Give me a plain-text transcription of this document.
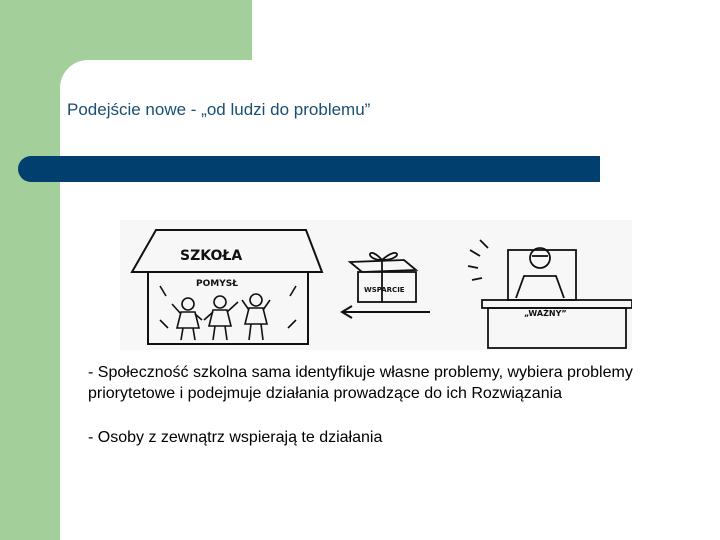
Podejście nowe - „od ludzi do problemu”
SZKOŁA
POMYSŁ
WSPARCIE
„WAŻNY”

- Społeczność szkolna sama identyfikuje własne problemy, wybiera problemy priorytetowe i podejmuje działania prowadzące do ich Rozwiązania

- Osoby z zewnątrz wspierają te działania
